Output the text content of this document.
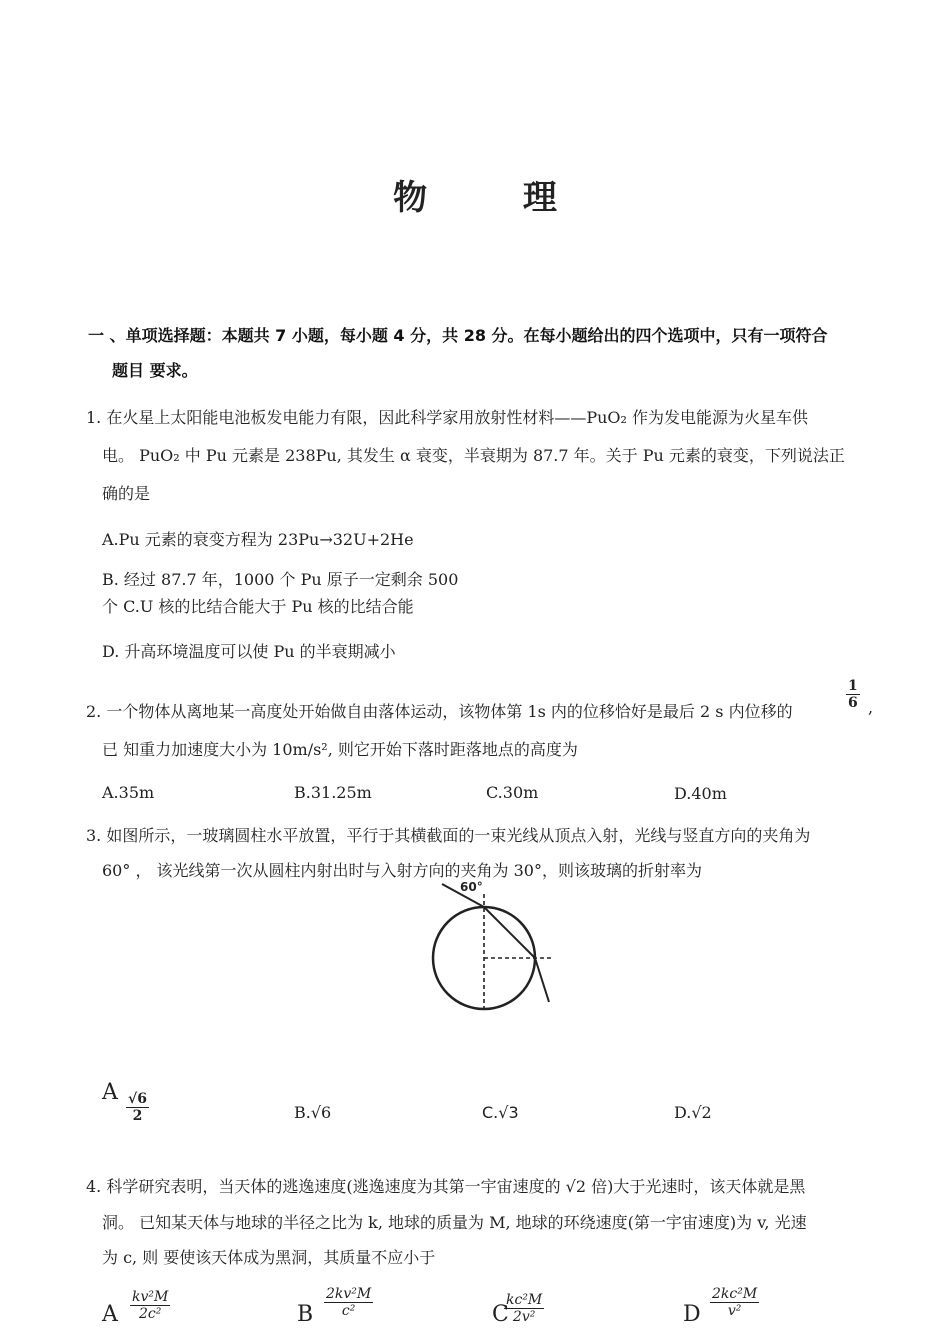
物 理
一 、单项选择题：本题共 7 小题，每小题 4 分，共 28 分。在每小题给出的四个选项中，只有一项符合
题目 要求。
1. 在火星上太阳能电池板发电能力有限，因此科学家用放射性材料——PuO₂ 作为发电能源为火星车供
电。 PuO₂ 中 Pu 元素是 238Pu, 其发生 α 衰变，半衰期为 87.7 年。关于 Pu 元素的衰变，下列说法正
确的是
A.Pu 元素的衰变方程为 23Pu→32U+2He
B. 经过 87.7 年，1000 个 Pu 原子一定剩余 500
个 C.U 核的比结合能大于 Pu 核的比结合能
D. 升高环境温度可以使 Pu 的半衰期减小
2. 一个物体从离地某一高度处开始做自由落体运动，该物体第 1s 内的位移恰好是最后 2 s 内位移的
$\frac{1}{6}$ ,
已 知重力加速度大小为 10m/s², 则它开始下落时距落地点的高度为
A.35m	B.31.25m	C.30m	D.40m
3. 如图所示，一玻璃圆柱水平放置，平行于其横截面的一束光线从顶点入射，光线与竖直方向的夹角为
60° ， 该光线第一次从圆柱内射出时与入射方向的夹角为 30°，则该玻璃的折射率为
60°
A $\frac{√6}{2}$	B.√6	C.√3	D.√2
4. 科学研究表明，当天体的逃逸速度(逃逸速度为其第一宇宙速度的 √2 倍)大于光速时，该天体就是黑
洞。 已知某天体与地球的半径之比为 k, 地球的质量为 M, 地球的环绕速度(第一宇宙速度)为 v, 光速
为 c, 则 要使该天体成为黑洞，其质量不应小于
A $\frac{\text{kv²M}}{\text{2c²}}$	B $\frac{\text{2kv²M}}{\text{c²}}$	C
$\frac{\text{kc²M}}{\text{2v²}}$	D $\frac{\text{2kc²M}}{\text{v²}}$
